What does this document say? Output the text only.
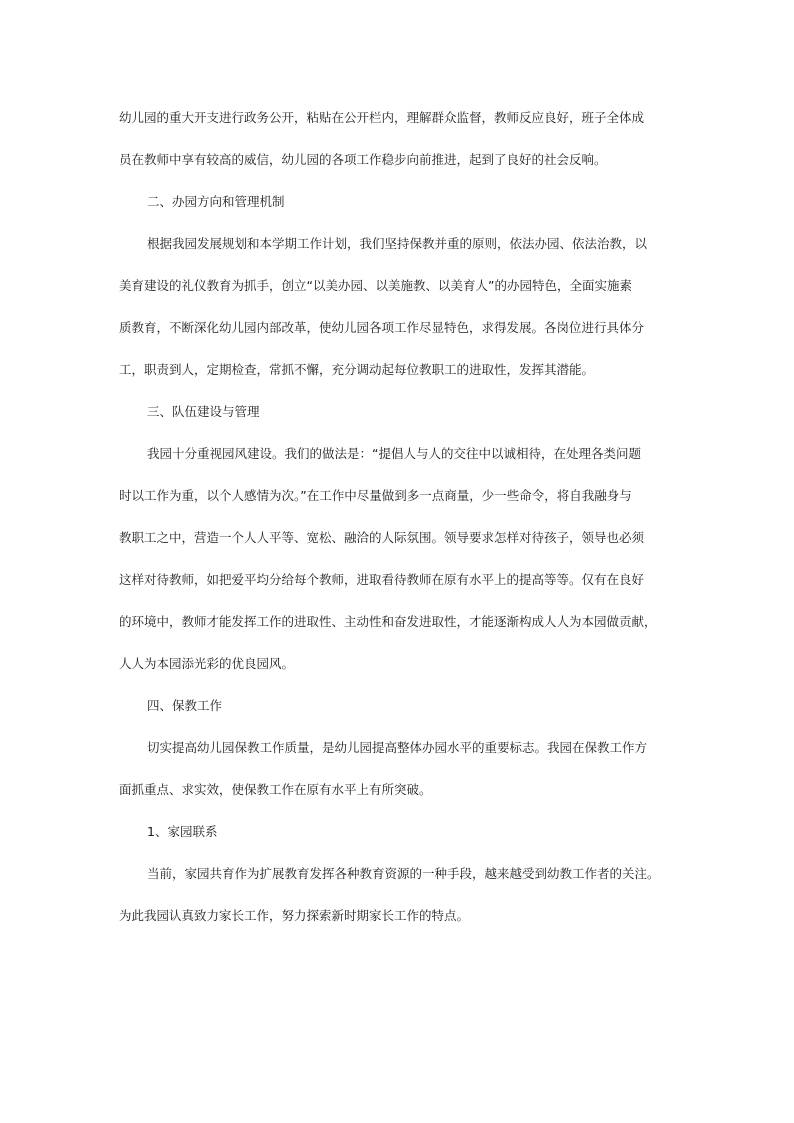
幼儿园的重大开支进行政务公开，粘贴在公开栏内，理解群众监督，教师反应良好，班子全体成
员在教师中享有较高的威信，幼儿园的各项工作稳步向前推进，起到了良好的社会反响。
二、办园方向和管理机制
根据我园发展规划和本学期工作计划，我们坚持保教并重的原则，依法办园、依法治教，以
美育建设的礼仪教育为抓手，创立“以美办园、以美施教、以美育人”的办园特色，全面实施素
质教育，不断深化幼儿园内部改革，使幼儿园各项工作尽显特色，求得发展。各岗位进行具体分
工，职责到人，定期检查，常抓不懈，充分调动起每位教职工的进取性，发挥其潜能。
三、队伍建设与管理
我园十分重视园风建设。我们的做法是：“提倡人与人的交往中以诚相待，在处理各类问题
时以工作为重，以个人感情为次。”在工作中尽量做到多一点商量，少一些命令，将自我融身与
教职工之中，营造一个人人平等、宽松、融洽的人际氛围。领导要求怎样对待孩子，领导也必须
这样对待教师，如把爱平均分给每个教师，进取看待教师在原有水平上的提高等等。仅有在良好
的环境中，教师才能发挥工作的进取性、主动性和奋发进取性，才能逐渐构成人人为本园做贡献，
人人为本园添光彩的优良园风。
四、保教工作
切实提高幼儿园保教工作质量，是幼儿园提高整体办园水平的重要标志。我园在保教工作方
面抓重点、求实效，使保教工作在原有水平上有所突破。
1、家园联系
当前，家园共育作为扩展教育发挥各种教育资源的一种手段，越来越受到幼教工作者的关注。
为此我园认真致力家长工作，努力探索新时期家长工作的特点。
